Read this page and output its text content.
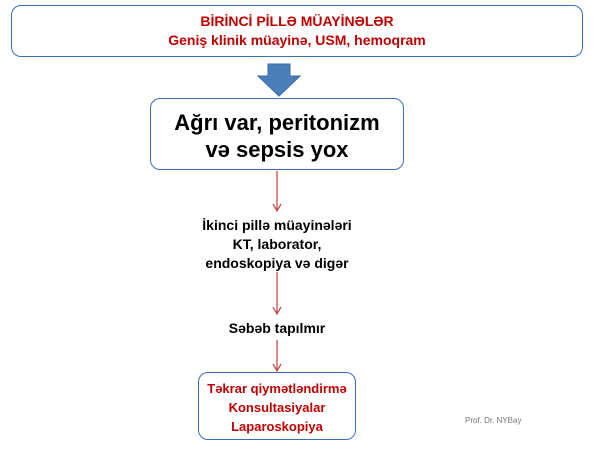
BİRİNCİ PİLLƏ MÜAYİNƏLƏR
Geniş klinik müayinə, USM, hemoqram
Ağrı var, peritonizm
və sepsis yox
İkinci pillə müayinələri
KT, laborator,
endoskopiya və digər
Səbəb tapılmır
Təkrar qiymətləndirmə
Konsultasiyalar
Laparoskopiya	Prof. Dr. NYBay
